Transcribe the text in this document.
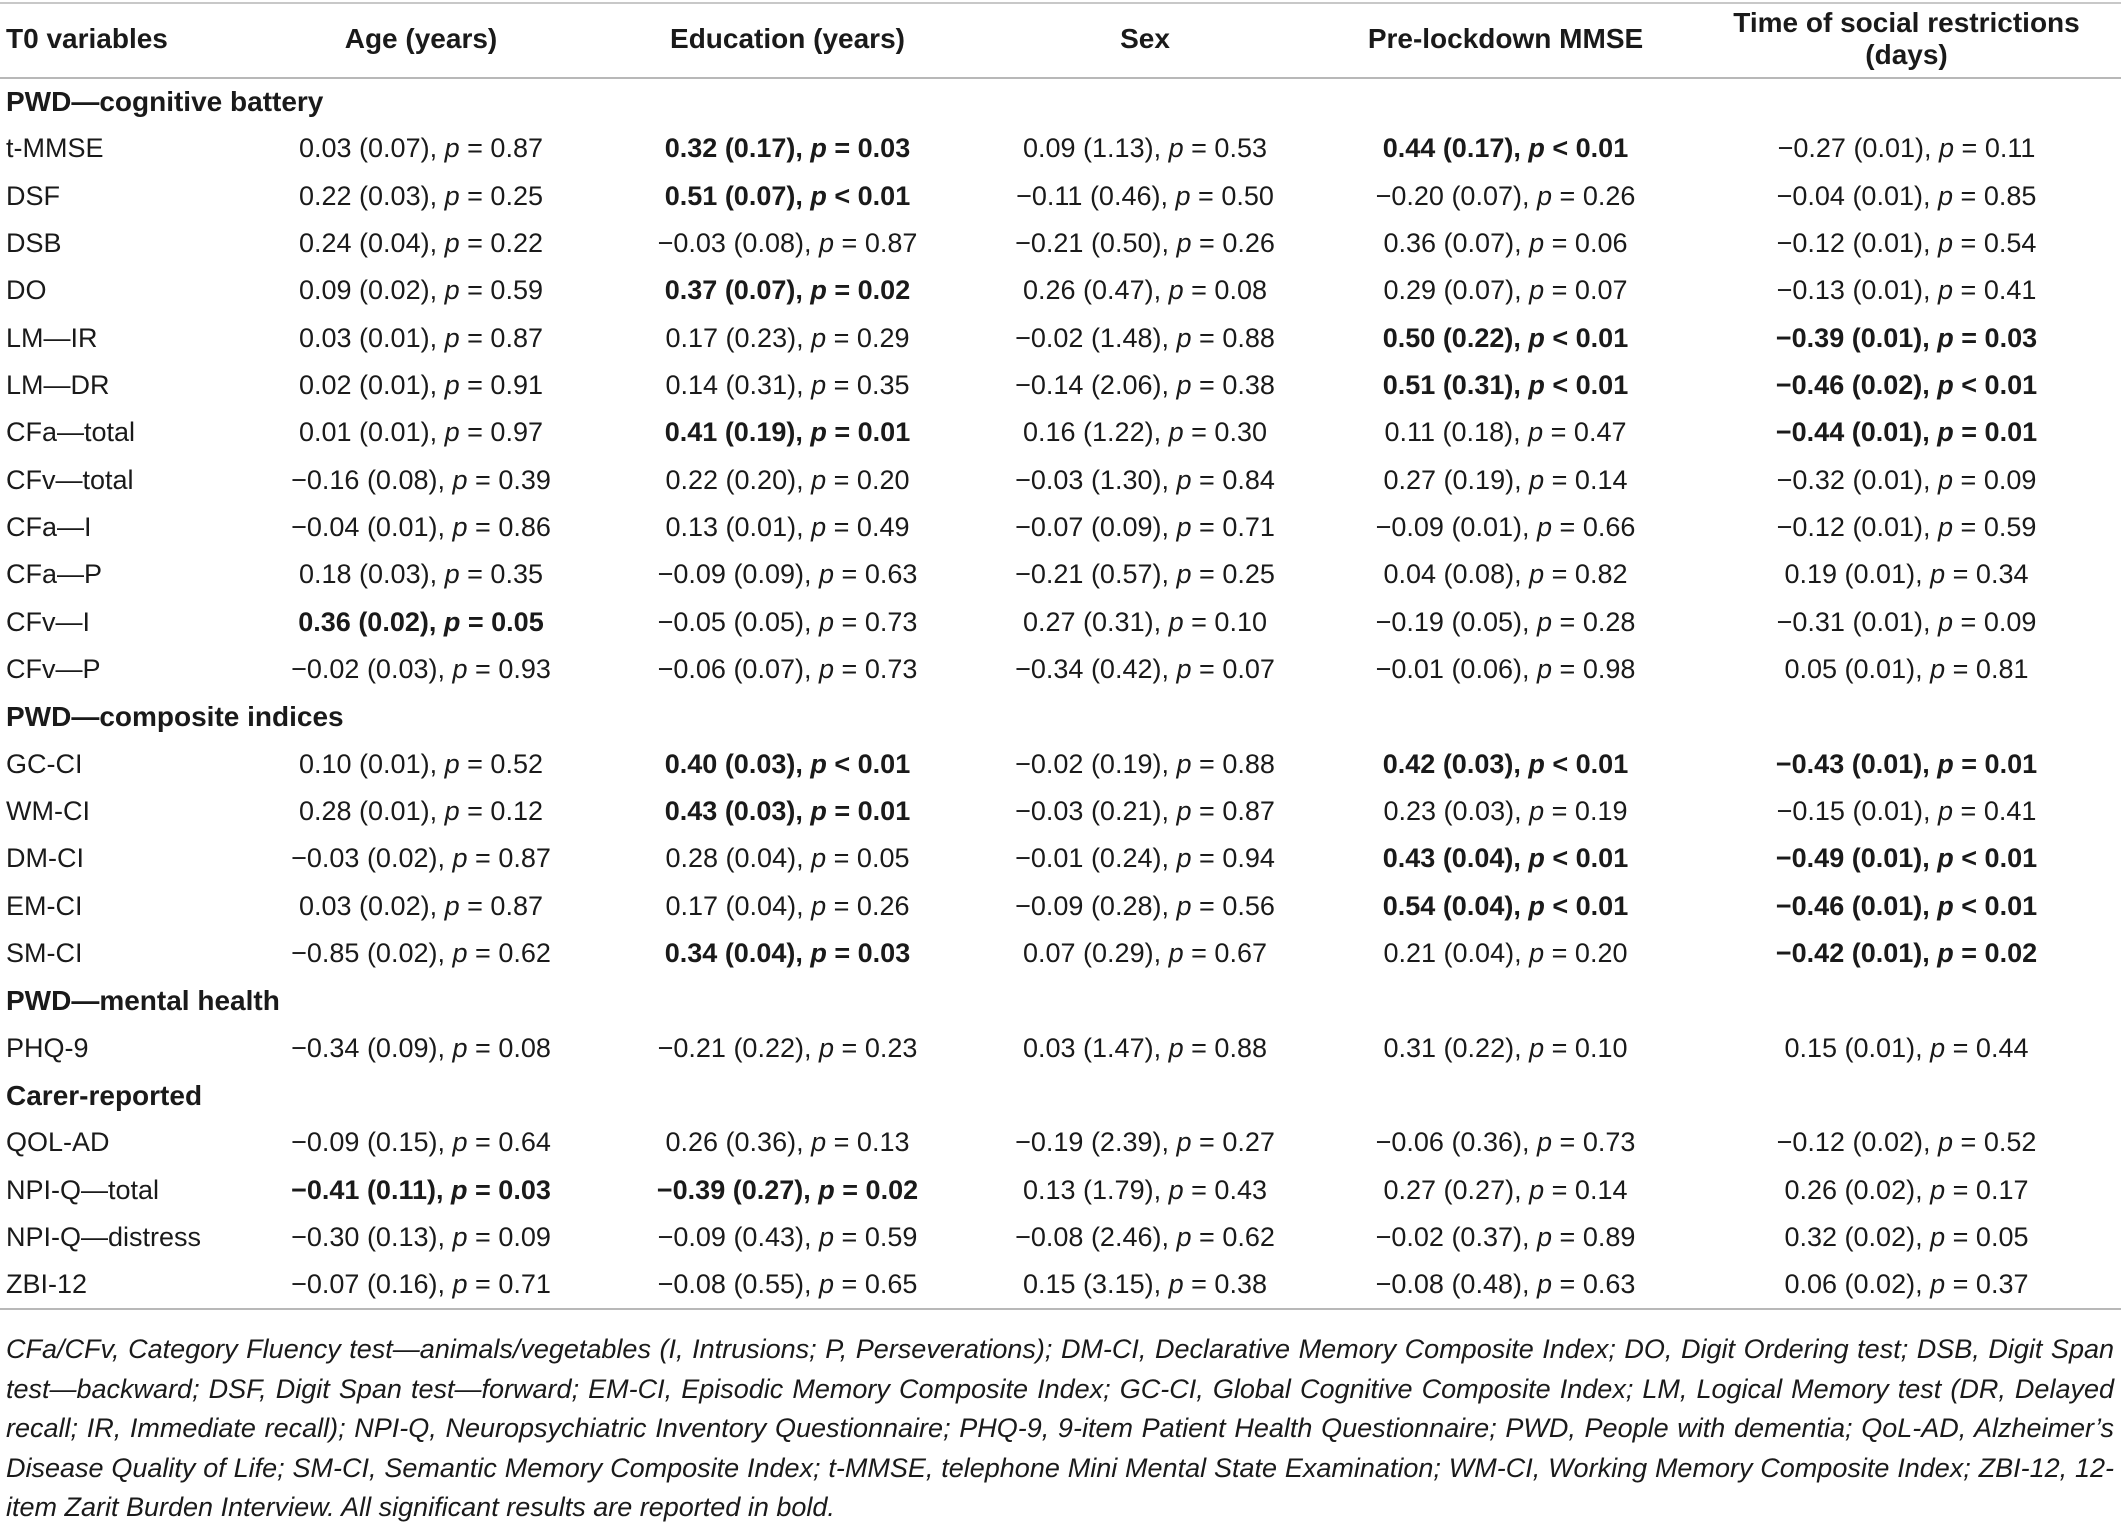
T0 variables	Age (years)	Education (years)	Sex	Pre-lockdown MMSE	Time of social restrictions (days)
PWD—cognitive battery					
t-MMSE	0.03 (0.07), p = 0.87	0.32 (0.17), p = 0.03	0.09 (1.13), p = 0.53	0.44 (0.17), p < 0.01	−0.27 (0.01), p = 0.11
DSF	0.22 (0.03), p = 0.25	0.51 (0.07), p < 0.01	−0.11 (0.46), p = 0.50	−0.20 (0.07), p = 0.26	−0.04 (0.01), p = 0.85
DSB	0.24 (0.04), p = 0.22	−0.03 (0.08), p = 0.87	−0.21 (0.50), p = 0.26	0.36 (0.07), p = 0.06	−0.12 (0.01), p = 0.54
DO	0.09 (0.02), p = 0.59	0.37 (0.07), p = 0.02	0.26 (0.47), p = 0.08	0.29 (0.07), p = 0.07	−0.13 (0.01), p = 0.41
LM—IR	0.03 (0.01), p = 0.87	0.17 (0.23), p = 0.29	−0.02 (1.48), p = 0.88	0.50 (0.22), p < 0.01	−0.39 (0.01), p = 0.03
LM—DR	0.02 (0.01), p = 0.91	0.14 (0.31), p = 0.35	−0.14 (2.06), p = 0.38	0.51 (0.31), p < 0.01	−0.46 (0.02), p < 0.01
CFa—total	0.01 (0.01), p = 0.97	0.41 (0.19), p = 0.01	0.16 (1.22), p = 0.30	0.11 (0.18), p = 0.47	−0.44 (0.01), p = 0.01
CFv—total	−0.16 (0.08), p = 0.39	0.22 (0.20), p = 0.20	−0.03 (1.30), p = 0.84	0.27 (0.19), p = 0.14	−0.32 (0.01), p = 0.09
CFa—I	−0.04 (0.01), p = 0.86	0.13 (0.01), p = 0.49	−0.07 (0.09), p = 0.71	−0.09 (0.01), p = 0.66	−0.12 (0.01), p = 0.59
CFa—P	0.18 (0.03), p = 0.35	−0.09 (0.09), p = 0.63	−0.21 (0.57), p = 0.25	0.04 (0.08), p = 0.82	0.19 (0.01), p = 0.34
CFv—I	0.36 (0.02), p = 0.05	−0.05 (0.05), p = 0.73	0.27 (0.31), p = 0.10	−0.19 (0.05), p = 0.28	−0.31 (0.01), p = 0.09
CFv—P	−0.02 (0.03), p = 0.93	−0.06 (0.07), p = 0.73	−0.34 (0.42), p = 0.07	−0.01 (0.06), p = 0.98	0.05 (0.01), p = 0.81
PWD—composite indices					
GC-CI	0.10 (0.01), p = 0.52	0.40 (0.03), p < 0.01	−0.02 (0.19), p = 0.88	0.42 (0.03), p < 0.01	−0.43 (0.01), p = 0.01
WM-CI	0.28 (0.01), p = 0.12	0.43 (0.03), p = 0.01	−0.03 (0.21), p = 0.87	0.23 (0.03), p = 0.19	−0.15 (0.01), p = 0.41
DM-CI	−0.03 (0.02), p = 0.87	0.28 (0.04), p = 0.05	−0.01 (0.24), p = 0.94	0.43 (0.04), p < 0.01	−0.49 (0.01), p < 0.01
EM-CI	0.03 (0.02), p = 0.87	0.17 (0.04), p = 0.26	−0.09 (0.28), p = 0.56	0.54 (0.04), p < 0.01	−0.46 (0.01), p < 0.01
SM-CI	−0.85 (0.02), p = 0.62	0.34 (0.04), p = 0.03	0.07 (0.29), p = 0.67	0.21 (0.04), p = 0.20	−0.42 (0.01), p = 0.02
PWD—mental health					
PHQ-9	−0.34 (0.09), p = 0.08	−0.21 (0.22), p = 0.23	0.03 (1.47), p = 0.88	0.31 (0.22), p = 0.10	0.15 (0.01), p = 0.44
Carer-reported					
QOL-AD	−0.09 (0.15), p = 0.64	0.26 (0.36), p = 0.13	−0.19 (2.39), p = 0.27	−0.06 (0.36), p = 0.73	−0.12 (0.02), p = 0.52
NPI-Q—total	−0.41 (0.11), p = 0.03	−0.39 (0.27), p = 0.02	0.13 (1.79), p = 0.43	0.27 (0.27), p = 0.14	0.26 (0.02), p = 0.17
NPI-Q—distress	−0.30 (0.13), p = 0.09	−0.09 (0.43), p = 0.59	−0.08 (2.46), p = 0.62	−0.02 (0.37), p = 0.89	0.32 (0.02), p = 0.05
ZBI-12	−0.07 (0.16), p = 0.71	−0.08 (0.55), p = 0.65	0.15 (3.15), p = 0.38	−0.08 (0.48), p = 0.63	0.06 (0.02), p = 0.37
CFa/CFv, Category Fluency test—animals/vegetables (I, Intrusions; P, Perseverations); DM-CI, Declarative Memory Composite Index; DO, Digit Ordering test; DSB, Digit Span test—backward; DSF, Digit Span test—forward; EM-CI, Episodic Memory Composite Index; GC-CI, Global Cognitive Composite Index; LM, Logical Memory test (DR, Delayed recall; IR, Immediate recall); NPI-Q, Neuropsychiatric Inventory Questionnaire; PHQ-9, 9-item Patient Health Questionnaire; PWD, People with dementia; QoL-AD, Alzheimer’s Disease Quality of Life; SM-CI, Semantic Memory Composite Index; t-MMSE, telephone Mini Mental State Examination; WM-CI, Working Memory Composite Index; ZBI-12, 12-item Zarit Burden Interview. All significant results are reported in bold.
